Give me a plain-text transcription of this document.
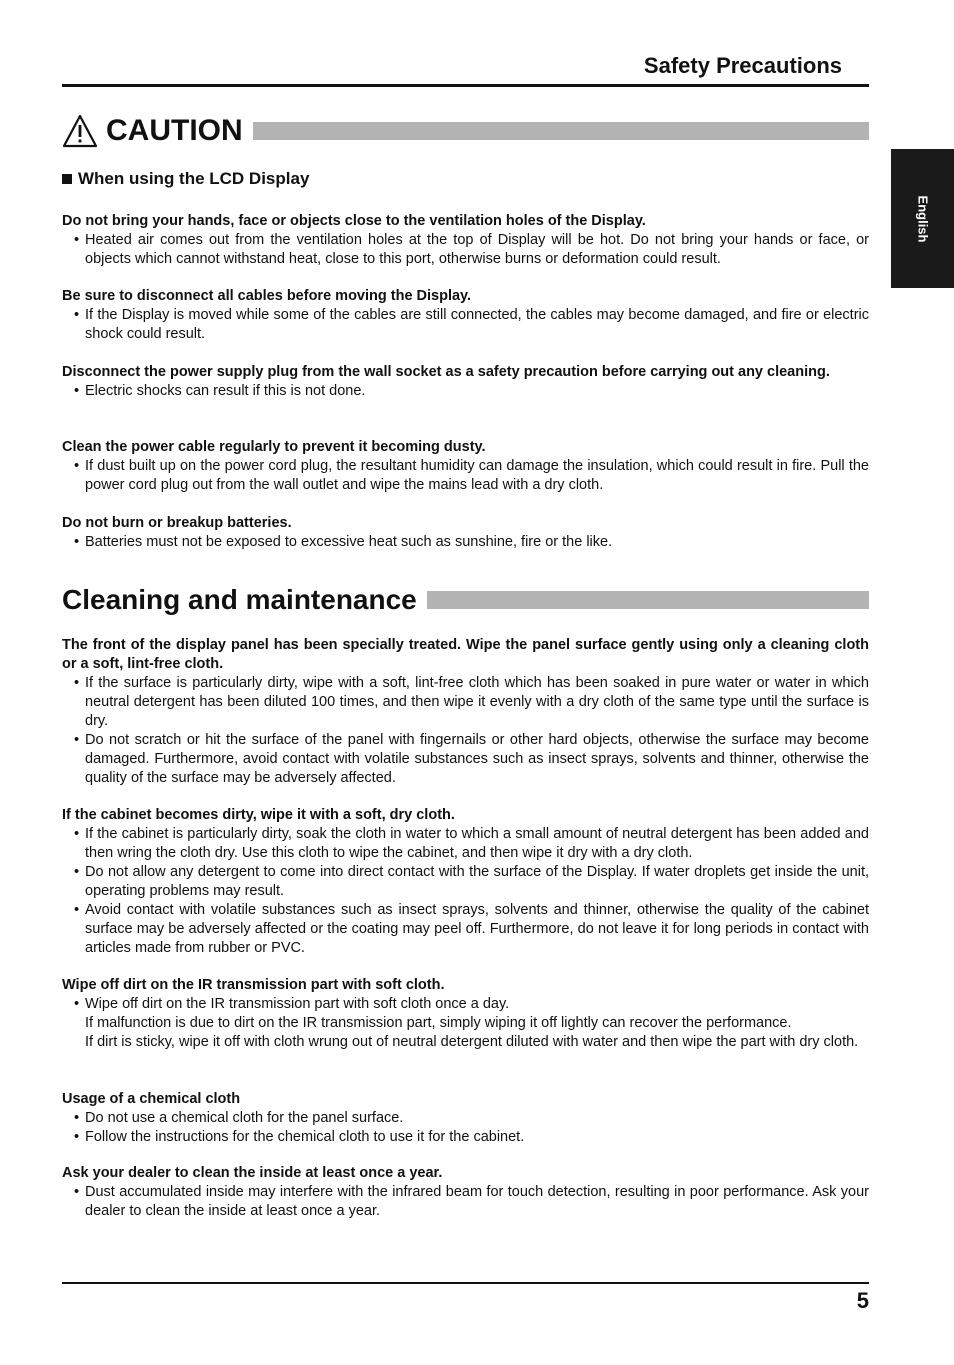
Safety Precautions
English
CAUTION
When using the LCD Display
Do not bring your hands, face or objects close to the ventilation holes of the Display.
• Heated air comes out from the ventilation holes at the top of Display will be hot. Do not bring your hands or face, or objects which cannot withstand heat, close to this port, otherwise burns or deformation could result.
Be sure to disconnect all cables before moving the Display.
• If the Display is moved while some of the cables are still connected, the cables may become damaged, and fire or electric shock could result.
Disconnect the power supply plug from the wall socket as a safety precaution before carrying out any cleaning.
• Electric shocks can result if this is not done.
Clean the power cable regularly to prevent it becoming dusty.
• If dust built up on the power cord plug, the resultant humidity can damage the insulation, which could result in fire. Pull the power cord plug out from the wall outlet and wipe the mains lead with a dry cloth.
Do not burn or breakup batteries.
• Batteries must not be exposed to excessive heat such as sunshine, fire or the like.
Cleaning and maintenance
The front of the display panel has been specially treated. Wipe the panel surface gently using only a cleaning cloth or a soft, lint-free cloth.
• If the surface is particularly dirty, wipe with a soft, lint-free cloth which has been soaked in pure water or water in which neutral detergent has been diluted 100 times, and then wipe it evenly with a dry cloth of the same type until the surface is dry.
• Do not scratch or hit the surface of the panel with fingernails or other hard objects, otherwise the surface may become damaged. Furthermore, avoid contact with volatile substances such as insect sprays, solvents and thinner, otherwise the quality of the surface may be adversely affected.
If the cabinet becomes dirty, wipe it with a soft, dry cloth.
• If the cabinet is particularly dirty, soak the cloth in water to which a small amount of neutral detergent has been added and then wring the cloth dry. Use this cloth to wipe the cabinet, and then wipe it dry with a dry cloth.
• Do not allow any detergent to come into direct contact with the surface of the Display. If water droplets get inside the unit, operating problems may result.
• Avoid contact with volatile substances such as insect sprays, solvents and thinner, otherwise the quality of the cabinet surface may be adversely affected or the coating may peel off. Furthermore, do not leave it for long periods in contact with articles made from rubber or PVC.
Wipe off dirt on the IR transmission part with soft cloth.
• Wipe off dirt on the IR transmission part with soft cloth once a day.
If malfunction is due to dirt on the IR transmission part, simply wiping it off lightly can recover the performance.
If dirt is sticky, wipe it off with cloth wrung out of neutral detergent diluted with water and then wipe the part with dry cloth.
Usage of a chemical cloth
• Do not use a chemical cloth for the panel surface.
• Follow the instructions for the chemical cloth to use it for the cabinet.
Ask your dealer to clean the inside at least once a year.
• Dust accumulated inside may interfere with the infrared beam for touch detection, resulting in poor performance. Ask your dealer to clean the inside at least once a year.
5
